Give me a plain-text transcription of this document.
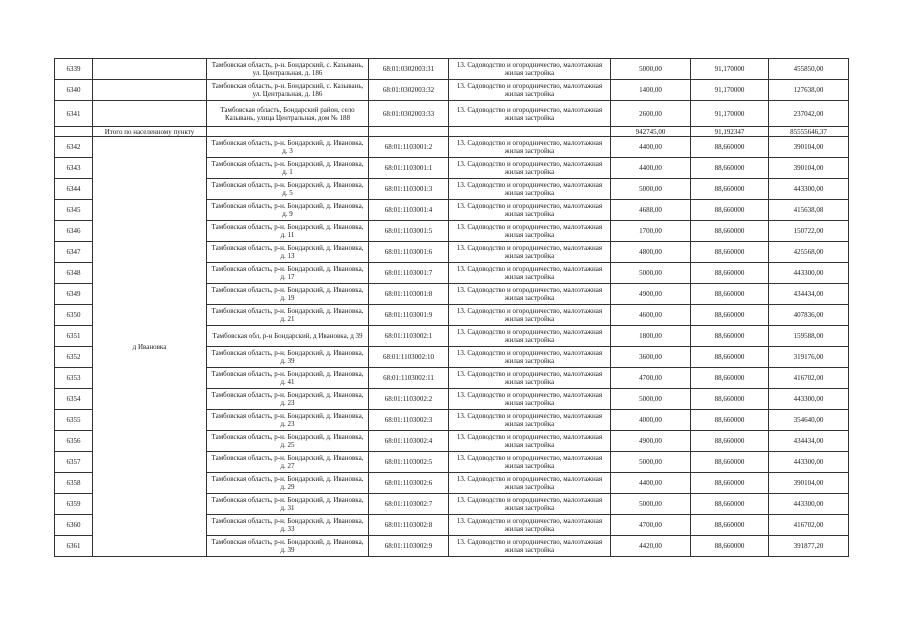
6339		Тамбовская область, р-н. Бондарский, с. Казывань, ул. Центральная, д. 186	68:01:0302003:31	13. Садоводство и огородничество, малоэтажная жилая застройка	5000,00	91,170000	455850,00
6340		Тамбовская область, р-н. Бондарский, с. Казывань, ул. Центральная, д. 186	68:01:0302003:32	13. Садоводство и огородничество, малоэтажная жилая застройка	1400,00	91,170000	127638,00
6341		Тамбовская область, Бондарский район, село Казывань, улица Центральная, дом № 188	68:01:0302003:33	13. Садоводство и огородничество, малоэтажная жилая застройка	2600,00	91,170000	237042,00
	Итого по населенному пункту				942745,00	91,192347	85555646,37
6342	д Ивановка	Тамбовская область, р-н. Бондарский, д. Ивановка, д. 3	68:01:1103001:2	13. Садоводство и огородничество, малоэтажная жилая застройка	4400,00	88,660000	390104,00
6343		Тамбовская область, р-н. Бондарский, д. Ивановка, д. 1	68:01:1103001:1	13. Садоводство и огородничество, малоэтажная жилая застройка	4400,00	88,660000	390104,00
6344		Тамбовская область, р-н. Бондарский, д. Ивановка, д. 5	68:01:1103001:3	13. Садоводство и огородничество, малоэтажная жилая застройка	5000,00	88,660000	443300,00
6345		Тамбовская область, р-н. Бондарский, д. Ивановка, д. 9	68:01:1103001:4	13. Садоводство и огородничество, малоэтажная жилая застройка	4688,00	88,660000	415638,08
6346		Тамбовская область, р-н. Бондарский, д. Ивановка, д. 11	68:01:1103001:5	13. Садоводство и огородничество, малоэтажная жилая застройка	1700,00	88,660000	150722,00
6347		Тамбовская область, р-н. Бондарский, д. Ивановка, д. 13	68:01:1103001:6	13. Садоводство и огородничество, малоэтажная жилая застройка	4800,00	88,660000	425568,00
6348		Тамбовская область, р-н. Бондарский, д. Ивановка, д. 17	68:01:1103001:7	13. Садоводство и огородничество, малоэтажная жилая застройка	5000,00	88,660000	443300,00
6349		Тамбовская область, р-н. Бондарский, д. Ивановка, д. 19	68:01:1103001:8	13. Садоводство и огородничество, малоэтажная жилая застройка	4900,00	88,660000	434434,00
6350		Тамбовская область, р-н. Бондарский, д. Ивановка, д. 21	68:01:1103001:9	13. Садоводство и огородничество, малоэтажная жилая застройка	4600,00	88,660000	407836,00
6351		Тамбовская обл, р-н Бондарский, д Ивановка, д 39	68:01:1103002:1	13. Садоводство и огородничество, малоэтажная жилая застройка	1800,00	88,660000	159588,00
6352		Тамбовская область, р-н. Бондарский, д. Ивановка, д. 39	68:01:1103002:10	13. Садоводство и огородничество, малоэтажная жилая застройка	3600,00	88,660000	319176,00
6353		Тамбовская область, р-н. Бондарский, д. Ивановка, д. 41	68:01:1103002:11	13. Садоводство и огородничество, малоэтажная жилая застройка	4700,00	88,660000	416702,00
6354		Тамбовская область, р-н. Бондарский, д. Ивановка, д. 23	68:01:1103002:2	13. Садоводство и огородничество, малоэтажная жилая застройка	5000,00	88,660000	443300,00
6355		Тамбовская область, р-н. Бондарский, д. Ивановка, д. 23	68:01:1103002:3	13. Садоводство и огородничество, малоэтажная жилая застройка	4000,00	88,660000	354640,00
6356		Тамбовская область, р-н. Бондарский, д. Ивановка, д. 25	68:01:1103002:4	13. Садоводство и огородничество, малоэтажная жилая застройка	4900,00	88,660000	434434,00
6357		Тамбовская область, р-н. Бондарский, д. Ивановка, д. 27	68:01:1103002:5	13. Садоводство и огородничество, малоэтажная жилая застройка	5000,00	88,660000	443300,00
6358		Тамбовская область, р-н. Бондарский, д. Ивановка, д. 29	68:01:1103002:6	13. Садоводство и огородничество, малоэтажная жилая застройка	4400,00	88,660000	390104,00
6359		Тамбовская область, р-н. Бондарский, д. Ивановка, д. 31	68:01:1103002:7	13. Садоводство и огородничество, малоэтажная жилая застройка	5000,00	88,660000	443300,00
6360		Тамбовская область, р-н. Бондарский, д. Ивановка, д. 33	68:01:1103002:8	13. Садоводство и огородничество, малоэтажная жилая застройка	4700,00	88,660000	416702,00
6361		Тамбовская область, р-н. Бондарский, д. Ивановка, д. 39	68:01:1103002:9	13. Садоводство и огородничество, малоэтажная жилая застройка	4420,00	88,660000	391877,20
